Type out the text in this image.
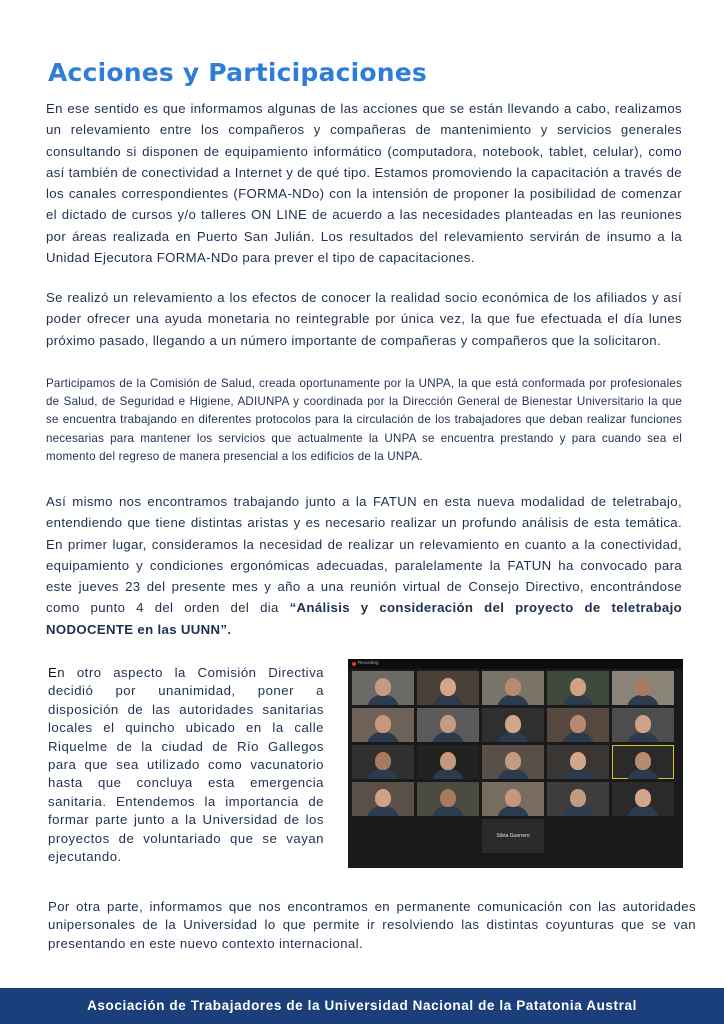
Acciones y Participaciones

En ese sentido es que informamos algunas de las acciones que se están llevando a cabo, realizamos un relevamiento entre los compañeros y compañeras de mantenimiento y servicios generales consultando si disponen de equipamiento informático (computadora, notebook, tablet, celular), como así también de conectividad a Internet y de qué tipo. Estamos promoviendo la capacitación a través de los canales correspondientes (FORMA-NDo) con la intensión de proponer la posibilidad de comenzar el dictado de cursos y/o talleres ON LINE de acuerdo a las necesidades planteadas en las reuniones por áreas realizada en Puerto San Julián. Los resultados del relevamiento servirán de insumo a la Unidad Ejecutora FORMA-NDo para prever el tipo de capacitaciones.

Se realizó un relevamiento a los efectos de conocer la realidad socio económica de los afiliados y así poder ofrecer una ayuda monetaria no reintegrable por única vez, la que fue efectuada el día lunes próximo pasado, llegando a un número importante de compañeras y compañeros que la solicitaron.

Participamos de la Comisión de Salud, creada oportunamente por la UNPA, la que está conformada por profesionales de Salud, de Seguridad e Higiene, ADIUNPA y coordinada por la Dirección General de Bienestar Universitario la que se encuentra trabajando en diferentes protocolos para la circulación de los trabajadores que deban realizar funciones necesarias para mantener los servicios que actualmente la UNPA se encuentra prestando y para cuando sea el momento del regreso de manera presencial a los edificios de la UNPA.

Así mismo nos encontramos trabajando junto a la FATUN en esta nueva modalidad de teletrabajo, entendiendo que tiene distintas aristas y es necesario realizar un profundo análisis de esta temática. En primer lugar, consideramos la necesidad de realizar un relevamiento en cuanto a la conectividad, equipamiento y condiciones ergonómicas adecuadas, paralelamente la FATUN ha convocado para este jueves 23 del presente mes y año a una reunión virtual de Consejo Directivo, encontrándose como punto 4 del orden del dia “Análisis y consideración del proyecto de teletrabajo NODOCENTE en las UUNN”.

En otro aspecto la Comisión Directiva decidió por unanimidad, poner a disposición de las autoridades sanitarias locales el quincho ubicado en la calle Riquelme de la ciudad de Río Gallegos para que sea utilizado como vacunatorio hasta que concluya esta emergencia sanitaria. Entendemos la importancia de formar parte junto a la Universidad de los proyectos de voluntariado que se vayan ejecutando.

Recording
Silvia Guerrero

Por otra parte, informamos que nos encontramos en permanente comunicación con las autoridades unipersonales de la Universidad lo que permite ir resolviendo las distintas coyunturas que se van presentando en este nuevo contexto internacional.

Asociación de Trabajadores de la Universidad Nacional de la Patatonia Austral
